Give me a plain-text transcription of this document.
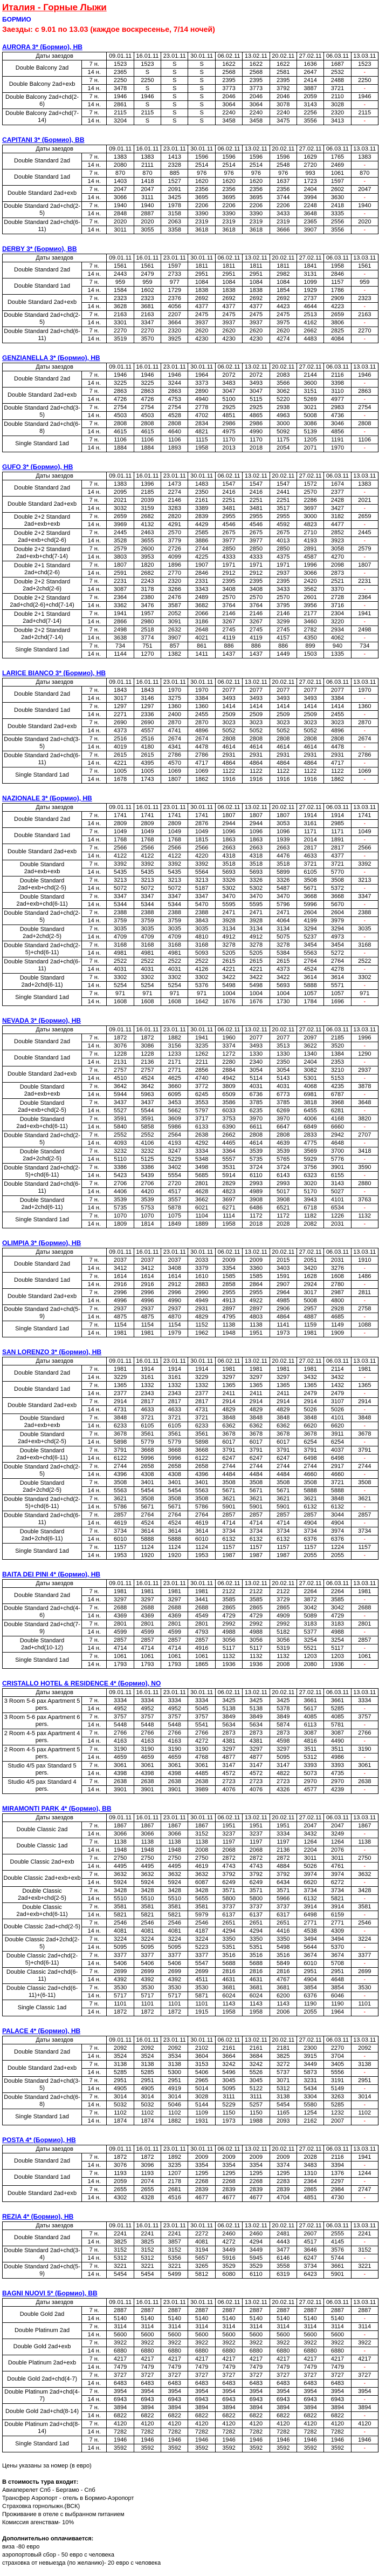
Италия - Горные Лыжи
БОРМИО
Заезды: с 9.01 по 13.03 (каждое воскресенье, 7/14 ночей)
AURORA 3* (Бормио), HB
Даты заездов		09.01.11	16.01.11	23.01.11	30.01.11	06.02.11	13.02.11	20.02.11	27.02.11	06.03.11	13.03.11
Double Balcony 2ad	7 н.	1523	1523	S	S	1622	1622	1622	1636	1687	1523
	14 н.	2365	S	S	S	2568	2568	2581	2647	2532	-
Double Balcony 2ad+exb	7 н.	2250	2250	S	S	2395	2395	2395	2414	2488	2250
	14 н.	3478	S	S	S	3773	3773	3792	3887	3721	-
Double Balcony 2ad+chd(2-6)	7 н.	1946	1946	S	S	2046	2046	2046	2059	2110	1946
	14 н.	2861	S	S	S	3064	3064	3078	3143	3028	-
Double Balcony 2ad+chd(7-14)	7 н.	2115	2115	S	S	2240	2240	2240	2256	2320	2115
	14 н.	3204	S	S	S	3458	3458	3475	3556	3413	-
CAPITANI 3* (Бормио), BB
Даты заездов		09.01.11	16.01.11	23.01.11	30.01.11	06.02.11	13.02.11	20.02.11	27.02.11	06.03.11	13.03.11
Double Standard 2ad	7 н.	1383	1383	1413	1596	1596	1596	1596	1629	1765	1383
	14 н.	2080	2111	2328	2514	2514	2514	2548	2720	2469	-
Double Standard 1ad	7 н.	870	870	885	976	976	976	976	993	1061	870
	14 н.	1403	1418	1527	1620	1620	1620	1637	1723	1597	-
Double Standard 2ad+exb	7 н.	2047	2047	2091	2356	2356	2356	2356	2404	2602	2047
	14 н.	3066	3111	3425	3695	3695	3695	3744	3994	3630	-
Double Standard 2ad+chd(2-5)	7 н.	1940	1940	1978	2206	2206	2206	2206	2248	2418	1940
	14 н.	2848	2887	3158	3390	3390	3390	3433	3648	3335	-
Double Standard 2ad+chd(6-11)	7 н.	2020	2020	2063	2319	2319	2319	2319	2365	2556	2020
	14 н.	3011	3055	3358	3618	3618	3618	3666	3907	3556	-
DERBY 3* (Бормио), BB
Даты заездов		09.01.11	16.01.11	23.01.11	30.01.11	06.02.11	13.02.11	20.02.11	27.02.11	06.03.11	13.03.11
Double Standard 2ad	7 н.	1561	1561	1597	1811	1811	1811	1811	1841	1958	1561
	14 н.	2443	2479	2733	2951	2951	2951	2982	3131	2846	-
Double Standard 1ad	7 н.	959	959	977	1084	1084	1084	1084	1099	1157	959
	14 н.	1584	1602	1729	1838	1838	1838	1854	1929	1786	-
Double Standard 2ad+exb	7 н.	2323	2323	2376	2692	2692	2692	2692	2737	2909	2323
	14 н.	3628	3681	4056	4377	4377	4377	4423	4644	4223	-
Double Standard 2ad+chd(2-5)	7 н.	2163	2163	2207	2475	2475	2475	2475	2513	2659	2163
	14 н.	3301	3347	3664	3937	3937	3937	3975	4162	3806	-
Double Standard 2ad+chd(6-11)	7 н.	2270	2270	2320	2620	2620	2620	2620	2662	2825	2270
	14 н.	3519	3570	3925	4230	4230	4230	4274	4483	4084	-
GENZIANELLA 3* (Бормио), HB
Даты заездов		09.01.11	16.01.11	23.01.11	30.01.11	06.02.11	13.02.11	20.02.11	27.02.11	06.03.11	13.03.11
Double Standard 2ad	7 н.	1946	1946	1946	1964	2072	2072	2083	2144	2116	1946
	14 н.	3225	3225	3244	3373	3483	3493	3566	3600	3398	-
Double Standard 2ad+exb	7 н.	2863	2863	2863	2890	3047	3047	3062	3151	3110	2863
	14 н.	4726	4726	4753	4940	5100	5115	5220	5269	4977	-
Double Standard 2ad+chd(3-5)	7 н.	2754	2754	2754	2778	2925	2925	2938	3021	2983	2754
	14 н.	4503	4503	4528	4702	4851	4865	4963	5008	4736	-
Double Standard 2ad+chd(6-8)	7 н.	2808	2808	2808	2834	2986	2986	3000	3086	3046	2808
	14 н.	4615	4615	4640	4821	4975	4990	5092	5139	4856	-
Single Standard 1ad	7 н.	1106	1106	1106	1115	1170	1170	1175	1205	1191	1106
	14 н.	1884	1884	1893	1958	2013	2018	2054	2071	1970	-
GUFO 3* (Бормио), HB
Даты заездов		09.01.11	16.01.11	23.01.11	30.01.11	06.02.11	13.02.11	20.02.11	27.02.11	06.03.11	13.03.11
Double Standard 2ad	7 н.	1383	1396	1473	1483	1547	1547	1547	1572	1674	1383
	14 н.	2095	2185	2274	2350	2416	2416	2441	2570	2377	-
Double Standard 2ad+exb	7 н.	2021	2039	2146	2161	2251	2251	2251	2286	2428	2021
	14 н.	3032	3159	3283	3389	3481	3481	3517	3697	3427	-
Double 2+2 Standard 2ad+exb+exb	7 н.	2659	2682	2820	2839	2955	2955	2955	3000	3182	2659
	14 н.	3969	4132	4291	4429	4546	4546	4592	4823	4477	-
Double 2+2 Standard 2ad+exb+chd(2-6)	7 н.	2445	2463	2570	2585	2675	2675	2675	2710	2852	2445
	14 н.	3528	3655	3779	3886	3977	3977	4013	4193	3923	-
Double 2+2 Standard 2ad+exb+chd(7-14)	7 н.	2579	2600	2726	2744	2850	2850	2850	2891	3058	2579
	14 н.	3803	3953	4099	4225	4333	4333	4375	4587	4270	-
Double 2+1 Standard 2ad+chd(2-6)	7 н.	1807	1820	1896	1907	1971	1971	1971	1996	2098	1807
	14 н.	2591	2682	2770	2846	2912	2912	2937	3066	2873	-
Double 2+2 Standard 2ad+2chd(2-6)	7 н.	2231	2243	2320	2331	2395	2395	2395	2420	2521	2231
	14 н.	3087	3178	3266	3343	3408	3408	3433	3562	3370	-
Double 2+2 Standard 2ad+chd(2-6)+chd(7-14)	7 н.	2364	2380	2476	2489	2570	2570	2570	2601	2728	2364
	14 н.	3362	3476	3587	3682	3764	3764	3795	3956	3716	-
Double 2+1 Standard 2ad+chd(7-14)	7 н.	1941	1957	2052	2066	2146	2146	2146	2177	2304	1941
	14 н.	2866	2980	3091	3186	3267	3267	3299	3460	3220	-
Double 2+2 Standard 2ad+2chd(7-14)	7 н.	2498	2518	2632	2648	2745	2745	2745	2782	2934	2498
	14 н.	3638	3774	3907	4021	4119	4119	4157	4350	4062	-
Single Standard 1ad	7 н.	734	751	857	861	886	886	886	899	940	734
	14 н.	1144	1270	1382	1411	1437	1437	1449	1503	1335	-
LARICE BIANCO 3* (Бормио), HB
Даты заездов		09.01.11	16.01.11	23.01.11	30.01.11	06.02.11	13.02.11	20.02.11	27.02.11	06.03.11	13.03.11
Double Standard 2ad	7 н.	1843	1843	1970	1970	2077	2077	2077	2077	2077	1970
	14 н.	3017	3146	3275	3384	3493	3493	3493	3493	3384	-
Double Standard 1ad	7 н.	1297	1297	1360	1360	1414	1414	1414	1414	1414	1360
	14 н.	2271	2336	2400	2455	2509	2509	2509	2509	2455	-
Double Standard 2ad+exb	7 н.	2690	2690	2870	2870	3023	3023	3023	3023	3023	2870
	14 н.	4373	4557	4741	4896	5052	5052	5052	5052	4896	-
Double Standard 2ad+chd(3-5)	7 н.	2516	2516	2674	2674	2808	2808	2808	2808	2808	2674
	14 н.	4019	4180	4341	4478	4614	4614	4614	4614	4478	-
Double Standard 2ad+chd(6-11)	7 н.	2615	2615	2786	2786	2931	2931	2931	2931	2931	2786
	14 н.	4221	4395	4570	4717	4864	4864	4864	4864	4717	-
Single Standard 1ad	7 н.	1005	1005	1069	1069	1122	1122	1122	1122	1122	1069
	14 н.	1678	1743	1807	1862	1916	1916	1916	1916	1862	-
NAZIONALE 3* (Бормио), HB
Даты заездов		09.01.11	16.01.11	23.01.11	30.01.11	06.02.11	13.02.11	20.02.11	27.02.11	06.03.11	13.03.11
Double Standard 2ad	7 н.	1741	1741	1741	1741	1807	1807	1807	1914	1914	1741
	14 н.	2809	2809	2809	2876	2944	2944	3053	3161	2985	-
Double Standard 1ad	7 н.	1049	1049	1049	1049	1096	1096	1096	1171	1171	1049
	14 н.	1768	1768	1768	1815	1863	1863	1939	2014	1891	-
Double Standard 2ad+exb	7 н.	2566	2566	2566	2566	2663	2663	2663	2817	2817	2566
	14 н.	4122	4122	4122	4220	4318	4318	4476	4633	4377	-
Double Standard 2ad+exb+exb	7 н.	3392	3392	3392	3392	3518	3518	3518	3721	3721	3392
	14 н.	5435	5435	5435	5564	5693	5693	5899	6105	5770	-
Double Standard 2ad+exb+chd(2-5)	7 н.	3213	3213	3213	3213	3326	3326	3326	3508	3508	3213
	14 н.	5072	5072	5072	5187	5302	5302	5487	5671	5372	-
Double Standard 2ad+exb+chd(6-11)	7 н.	3347	3347	3347	3347	3470	3470	3470	3668	3668	3347
	14 н.	5344	5344	5344	5470	5595	5595	5796	5996	5670	-
Double Standard 2ad+chd(2-5)	7 н.	2388	2388	2388	2388	2471	2471	2471	2604	2604	2388
	14 н.	3759	3759	3759	3843	3928	3928	4064	4199	3979	-
Double Standard 2ad+2chd(2-5)	7 н.	3035	3035	3035	3035	3134	3134	3134	3294	3294	3035
	14 н.	4709	4709	4709	4810	4912	4912	5075	5237	4973	-
Double Standard 2ad+chd(2-5)+chd(6-11)	7 н.	3168	3168	3168	3168	3278	3278	3278	3454	3454	3168
	14 н.	4981	4981	4981	5093	5205	5205	5384	5563	5272	-
Double Standard 2ad+chd(6-11)	7 н.	2522	2522	2522	2522	2615	2615	2615	2764	2764	2522
	14 н.	4031	4031	4031	4126	4221	4221	4373	4524	4278	-
Double Standard 2ad+2chd(6-11)	7 н.	3302	3302	3302	3302	3422	3422	3422	3614	3614	3302
	14 н.	5254	5254	5254	5376	5498	5498	5693	5888	5571	-
Single Standard 1ad	7 н.	971	971	971	971	1004	1004	1004	1057	1057	971
	14 н.	1608	1608	1608	1642	1676	1676	1730	1784	1696	-
NEVADA 3* (Бормио), HB
Даты заездов		09.01.11	16.01.11	23.01.11	30.01.11	06.02.11	13.02.11	20.02.11	27.02.11	06.03.11	13.03.11
Double Standard 2ad	7 н.	1872	1872	1882	1941	1960	2077	2077	2097	2185	1996
	14 н.	3076	3086	3156	3235	3374	3493	3513	3622	3520	-
Double Standard 1ad	7 н.	1228	1228	1233	1262	1272	1330	1330	1340	1384	1290
	14 н.	2131	2136	2171	2211	2280	2340	2350	2404	2353	-
Double Standard 2ad+exb	7 н.	2757	2757	2771	2856	2884	3054	3054	3082	3210	2937
	14 н.	4510	4524	4625	4740	4942	5114	5143	5301	5153	-
Double Standard 2ad+exb+exb	7 н.	3642	3642	3660	3772	3809	4031	4031	4068	4235	3878
	14 н.	5944	5963	6095	6245	6509	6736	6773	6981	6787	-
Double Standard 2ad+exb+chd(2-5)	7 н.	3437	3437	3453	3553	3586	3785	3785	3818	3968	3648
	14 н.	5527	5544	5662	5797	6033	6235	6269	6455	6281	-
Double Standard 2ad+exb+chd(6-11)	7 н.	3591	3591	3609	3717	3753	3970	3970	4006	4168	3820
	14 н.	5840	5858	5986	6133	6390	6611	6647	6849	6660	-
Double Standard 2ad+chd(2-5)	7 н.	2552	2552	2564	2638	2662	2808	2808	2833	2942	2707
	14 н.	4093	4106	4193	4292	4465	4614	4639	4775	4648	-
Double Standard 2ad+2chd(2-5)	7 н.	3232	3232	3247	3334	3364	3539	3539	3569	3700	3418
	14 н.	5110	5125	5229	5348	5557	5735	5765	5929	5776	-
Double Standard 2ad+chd(2-5)+chd(6-11)	7 н.	3386	3386	3402	3498	3531	3724	3724	3756	3901	3590
	14 н.	5423	5439	5554	5685	5914	6110	6143	6323	6155	-
Double Standard 2ad+chd(6-11)	7 н.	2706	2706	2720	2801	2829	2993	2993	3020	3143	2880
	14 н.	4406	4420	4517	4628	4823	4989	5017	5170	5027	-
Double Standard 2ad+2chd(6-11)	7 н.	3539	3539	3557	3662	3697	3908	3908	3943	4101	3763
	14 н.	5735	5753	5878	6021	6271	6486	6521	6718	6534	-
Single Standard 1ad	7 н.	1070	1070	1075	1104	1114	1172	1172	1182	1226	1132
	14 н.	1809	1814	1849	1889	1958	2018	2028	2082	2031	-
OLIMPIA 3* (Бормио), HB
Даты заездов		09.01.11	16.01.11	23.01.11	30.01.11	06.02.11	13.02.11	20.02.11	27.02.11	06.03.11	13.03.11
Double Standard 2ad	7 н.	2037	2037	2037	2033	2009	2009	2015	2051	2031	1910
	14 н.	3412	3412	3408	3379	3354	3360	3403	3420	3276	-
Double Standard 1ad	7 н.	1614	1614	1614	1610	1585	1585	1591	1628	1608	1486
	14 н.	2916	2916	2912	2883	2858	2864	2907	2924	2780	-
Double Standard 2ad+exb	7 н.	2996	2996	2996	2990	2955	2955	2964	3017	2987	2811
	14 н.	4996	4996	4990	4949	4913	4922	4985	5008	4800	-
Double Standard 2ad+chd(5-9)	7 н.	2937	2937	2937	2931	2897	2897	2906	2957	2928	2758
	14 н.	4875	4875	4870	4829	4795	4803	4864	4887	4685	-
Single Standard 1ad	7 н.	1154	1154	1154	1152	1138	1138	1141	1159	1149	1088
	14 н.	1981	1981	1979	1962	1948	1951	1973	1981	1909	-
SAN LORENZO 3* (Бормио), HB
Даты заездов		09.01.11	16.01.11	23.01.11	30.01.11	06.02.11	13.02.11	20.02.11	27.02.11	06.03.11	13.03.11
Double Standard 2ad	7 н.	1981	1914	1914	1914	1981	1981	1981	1981	2114	1981
	14 н.	3229	3161	3161	3229	3297	3297	3297	3432	3432	-
Double Standard 1ad	7 н.	1365	1332	1332	1332	1365	1365	1365	1365	1432	1365
	14 н.	2377	2343	2343	2377	2411	2411	2411	2479	2479	-
Double Standard 2ad+exb	7 н.	2914	2817	2817	2817	2914	2914	2914	2914	3107	2914
	14 н.	4731	4633	4633	4731	4829	4829	4829	5026	5026	-
Double Standard 2ad+exb+exb	7 н.	3848	3721	3721	3721	3848	3848	3848	3848	4101	3848
	14 н.	6233	6105	6105	6233	6362	6362	6362	6620	6620	-
Double Standard 2ad+exb+chd(2-5)	7 н.	3678	3561	3561	3561	3678	3678	3678	3678	3911	3678
	14 н.	5898	5779	5779	5898	6017	6017	6017	6254	6254	-
Double Standard 2ad+exb+chd(6-11)	7 н.	3791	3668	3668	3668	3791	3791	3791	3791	4037	3791
	14 н.	6122	5996	5996	6122	6247	6247	6247	6498	6498	-
Double Standard 2ad+chd(2-5)	7 н.	2744	2658	2658	2658	2744	2744	2744	2744	2917	2744
	14 н.	4396	4308	4308	4396	4484	4484	4484	4660	4660	-
Double Standard 2ad+2chd(2-5)	7 н.	3508	3401	3401	3401	3508	3508	3508	3508	3721	3508
	14 н.	5563	5454	5454	5563	5671	5671	5671	5888	5888	-
Double Standard 2ad+chd(2-5)+chd(6-11)	7 н.	3621	3508	3508	3508	3621	3621	3621	3621	3848	3621
	14 н.	5786	5671	5671	5786	5901	5901	5901	6132	6132	-
Double Standard 2ad+chd(6-11)	7 н.	2857	2764	2764	2764	2857	2857	2857	2857	3044	2857
	14 н.	4619	4524	4524	4619	4714	4714	4714	4904	4904	-
Double Standard 2ad+2chd(6-11)	7 н.	3734	3614	3614	3614	3734	3734	3734	3734	3974	3734
	14 н.	6010	5888	5888	6010	6132	6132	6132	6376	6376	-
Single Standard 1ad	7 н.	1157	1124	1124	1124	1157	1157	1157	1157	1224	1157
	14 н.	1953	1920	1920	1953	1987	1987	1987	2055	2055	-
BAITA DEI PINI 4* (Бормио), HB
Даты заездов		09.01.11	16.01.11	23.01.11	30.01.11	06.02.11	13.02.11	20.02.11	27.02.11	06.03.11	13.03.11
Double Standard 2ad	7 н.	1981	1981	1981	1981	2122	2122	2122	2264	2264	1981
	14 н.	3297	3297	3297	3441	3585	3585	3729	3872	3585	-
Double Standard 2ad+chd(4-6)	7 н.	2688	2688	2688	2688	2865	2865	2865	3042	3042	2688
	14 н.	4369	4369	4369	4549	4729	4729	4909	5089	4729	-
Double Standard 2ad+chd(7-9)	7 н.	2801	2801	2801	2801	2992	2992	2992	3183	3183	2801
	14 н.	4599	4599	4599	4793	4988	4988	5182	5377	4988	-
Double Standard 2ad+chd(10-12)	7 н.	2857	2857	2857	2857	3056	3056	3056	3254	3254	2857
	14 н.	4714	4714	4714	4916	5117	5117	5319	5521	5117	-
Single Standard 1ad	7 н.	1061	1061	1061	1061	1132	1132	1132	1203	1203	1061
	14 н.	1793	1793	1793	1865	1936	1936	2008	2080	1936	-
CRISTALLO HOTEL & RESIDENCE 4* (Бормио), NO
Даты заездов		09.01.11	16.01.11	23.01.11	30.01.11	06.02.11	13.02.11	20.02.11	27.02.11	06.03.11	13.03.11
3 Room 5-6 pax Apartment 5 pers.	7 н.	3334	3334	3334	3334	3425	3425	3425	3661	3661	3334
	14 н.	4952	4952	4952	5045	5138	5138	5378	5617	5285	-
3 Room 5-6 pax Apartment 6 pers.	7 н.	3757	3757	3757	3757	3849	3849	3849	4085	4085	3757
	14 н.	5448	5448	5448	5541	5634	5634	5874	6113	5781	-
2 Room 4-5 pax Apartment 4 pers.	7 н.	2766	2766	2766	2766	2873	2873	2873	3087	3087	2766
	14 н.	4163	4163	4163	4272	4381	4381	4598	4816	4490	-
2 Room 4-5 pax Apartment 5 pers.	7 н.	3190	3190	3190	3190	3297	3297	3297	3511	3511	3190
	14 н.	4659	4659	4659	4768	4877	4877	5095	5312	4986	-
Studio 4/5 pax Standard 5 pers.	7 н.	3061	3061	3061	3061	3147	3147	3147	3393	3393	3061
	14 н.	4398	4398	4398	4485	4572	4572	4822	5073	4735	-
Studio 4/5 pax Standard 4 pers.	7 н.	2638	2638	2638	2638	2723	2723	2723	2970	2970	2638
	14 н.	3901	3901	3901	3989	4076	4076	4326	4577	4239	-
MIRAMONTI PARK 4* (Бормио), BB
Даты заездов		09.01.11	16.01.11	23.01.11	30.01.11	06.02.11	13.02.11	20.02.11	27.02.11	06.03.11	13.03.11
Double Classic 2ad	7 н.	1867	1867	1867	1867	1951	1951	1951	2047	2047	1867
	14 н.	3066	3066	3066	3152	3237	3237	3334	3432	3249	-
Double Classic 1ad	7 н.	1138	1138	1138	1138	1197	1197	1197	1264	1264	1138
	14 н.	1948	1948	1948	2008	2068	2068	2136	2204	2076	-
Double Classic 2ad+exb	7 н.	2750	2750	2750	2750	2872	2872	2872	3011	3011	2750
	14 н.	4495	4495	4495	4619	4743	4743	4884	5026	4761	-
Double Classic 2ad+exb+exb	7 н.	3632	3632	3632	3632	3792	3792	3792	3974	3974	3632
	14 н.	5924	5924	5924	6087	6249	6249	6434	6620	6272	-
Double Classic 2ad+exb+chd(2-5)	7 н.	3428	3428	3428	3428	3571	3571	3571	3734	3734	3428
	14 н.	5510	5510	5510	5655	5800	5800	5966	6132	5821	-
Double Classic 2ad+exb+chd(6-11)	7 н.	3581	3581	3581	3581	3737	3737	3737	3914	3914	3581
	14 н.	5821	5821	5821	5979	6137	6137	6317	6498	6159	-
Double Classic 2ad+chd(2-5)	7 н.	2546	2546	2546	2546	2651	2651	2651	2771	2771	2546
	14 н.	4081	4081	4081	4187	4294	4294	4416	4538	4309	-
Double Classic 2ad+2chd(2-5)	7 н.	3224	3224	3224	3224	3350	3350	3350	3494	3494	3224
	14 н.	5095	5095	5095	5223	5351	5351	5498	5644	5370	-
Double Classic 2ad+chd(2-5)+chd(6-11)	7 н.	3377	3377	3377	3377	3516	3516	3516	3674	3674	3377
	14 н.	5406	5406	5406	5547	5688	5688	5849	6010	5708	-
Double Classic 2ad+chd(6-11)	7 н.	2699	2699	2699	2699	2816	2816	2816	2951	2951	2699
	14 н.	4392	4392	4392	4511	4631	4631	4767	4904	4648	-
Double Classic 2ad+chd(6-11)+(6-11)	7 н.	3530	3530	3530	3530	3681	3681	3681	3854	3854	3530
	14 н.	5717	5717	5717	5871	6024	6024	6200	6376	6046	-
Single Classic 1ad	7 н.	1101	1101	1101	1101	1143	1143	1143	1190	1190	1101
	14 н.	1872	1872	1872	1915	1958	1958	2006	2055	1964	-
PALACE 4* (Бормио), HB
Даты заездов		09.01.11	16.01.11	23.01.11	30.01.11	06.02.11	13.02.11	20.02.11	27.02.11	06.03.11	13.03.11
Double Standard 2ad	7 н.	2092	2092	2092	2102	2161	2161	2181	2300	2270	2092
	14 н.	3524	3524	3534	3604	3664	3684	3825	3915	3704	-
Double Standard 2ad+exb	7 н.	3138	3138	3138	3153	3242	3242	3272	3449	3405	3138
	14 н.	5285	5285	5300	5406	5496	5526	5737	5873	5556	-
Double Standard 2ad+chd(3-5)	7 н.	2951	2951	2951	2965	3045	3045	3071	3231	3191	2951
	14 н.	4905	4905	4919	5014	5095	5122	5312	5434	5149	-
Double Standard 2ad+chd(6-8)	7 н.	3014	3014	3014	3028	3111	3111	3138	3304	3263	3014
	14 н.	5032	5032	5046	5144	5229	5257	5454	5580	5285	-
Single Standard 1ad	7 н.	1102	1102	1102	1109	1150	1150	1165	1254	1232	1102
	14 н.	1874	1874	1882	1931	1973	1988	2093	2162	2007	-
POSTA 4* (Бормио), HB
Даты заездов		09.01.11	16.01.11	23.01.11	30.01.11	06.02.11	13.02.11	20.02.11	27.02.11	06.03.11	13.03.11
Double Standard 2ad	7 н.	1872	1872	1892	2009	2009	2009	2009	2028	2116	1941
	14 н.	3076	3096	3235	3354	3354	3354	3374	3483	3394	-
Double Standard 1ad	7 н.	1193	1193	1207	1295	1295	1295	1295	1310	1376	1244
	14 н.	2059	2074	2178	2268	2268	2268	2283	2364	2297	-
Double Standard 2ad+exb	7 н.	2655	2655	2681	2839	2839	2839	2839	2865	2984	2747
	14 н.	4302	4328	4516	4677	4677	4677	4704	4851	4730	-
REZIA 4* (Бормио), HB
Даты заездов		09.01.11	16.01.11	23.01.11	30.01.11	06.02.11	13.02.11	20.02.11	27.02.11	06.03.11	13.03.11
Double Standard 2ad	7 н.	2241	2241	2241	2272	2460	2460	2481	2607	2555	2241
	14 н.	3825	3825	3857	4081	4272	4294	4443	4517	4145	-
Double Standard 2ad+chd(3-4)	7 н.	3152	3152	3152	3194	3449	3449	3477	3646	3576	3152
	14 н.	5312	5312	5356	5657	5916	5945	6146	6247	5744	-
Double Standard 2ad+chd(5-9)	7 н.	3221	3221	3221	3265	3529	3529	3558	3734	3661	3221
	14 н.	5454	5454	5499	5812	6080	6110	6319	6423	5901	-
BAGNI NUOVI 5* (Бормио), BB
Даты заездов		09.01.11	16.01.11	23.01.11	30.01.11	06.02.11	13.02.11	20.02.11	27.02.11	06.03.11	13.03.11
Double Gold 2ad	7 н.	2887	2887	2887	2887	2887	2887	2887	2887	2887	2887
	14 н.	5140	5140	5140	5140	5140	5140	5140	5140	5140	-
Double Platinum 2ad	7 н.	3114	3114	3114	3114	3114	3114	3114	3114	3114	3114
	14 н.	5600	5600	5600	5600	5600	5600	5600	5600	5600	-
Double Gold 2ad+exb	7 н.	3922	3922	3922	3922	3922	3922	3922	3922	3922	3922
	14 н.	6880	6880	6880	6880	6880	6880	6880	6880	6880	-
Double Platinum 2ad+exb	7 н.	4217	4217	4217	4217	4217	4217	4217	4217	4217	4217
	14 н.	7479	7479	7479	7479	7479	7479	7479	7479	7479	-
Double Gold 2ad+chd(4-7)	7 н.	3727	3727	3727	3727	3727	3727	3727	3727	3727	3727
	14 н.	6483	6483	6483	6483	6483	6483	6483	6483	6483	-
Double Platinum 2ad+chd(4-7)	7 н.	3954	3954	3954	3954	3954	3954	3954	3954	3954	3954
	14 н.	6943	6943	6943	6943	6943	6943	6943	6943	6943	-
Double Gold 2ad+chd(8-14)	7 н.	3894	3894	3894	3894	3894	3894	3894	3894	3894	3894
	14 н.	6822	6822	6822	6822	6822	6822	6822	6822	6822	-
Double Platinum 2ad+chd(8-14)	7 н.	4120	4120	4120	4120	4120	4120	4120	4120	4120	4120
	14 н.	7282	7282	7282	7282	7282	7282	7282	7282	7282	-
Single Standard 1ad	7 н.	1946	1946	1946	1946	1946	1946	1946	1946	1946	1946
	14 н.	3592	3592	3592	3592	3592	3592	3592	3592	3592	-
Цены указаны за номер (в евро)
В стоимость тура входит:
Авиаперелет Спб - Бергамо - Спб
Трансфер Аэропорт - отель в Бормио-Аэропорт
Страховка горнолыжн.(ВСК)
Проживание в отеле с выбранном питанием
Комиссия агенствам- 10%
Дополнительно оплачивается:
виза -80 евро
аэропортовый сбор - 50 евро с человека
страховка от невыезда (по желанию)- 20 евро с человека
